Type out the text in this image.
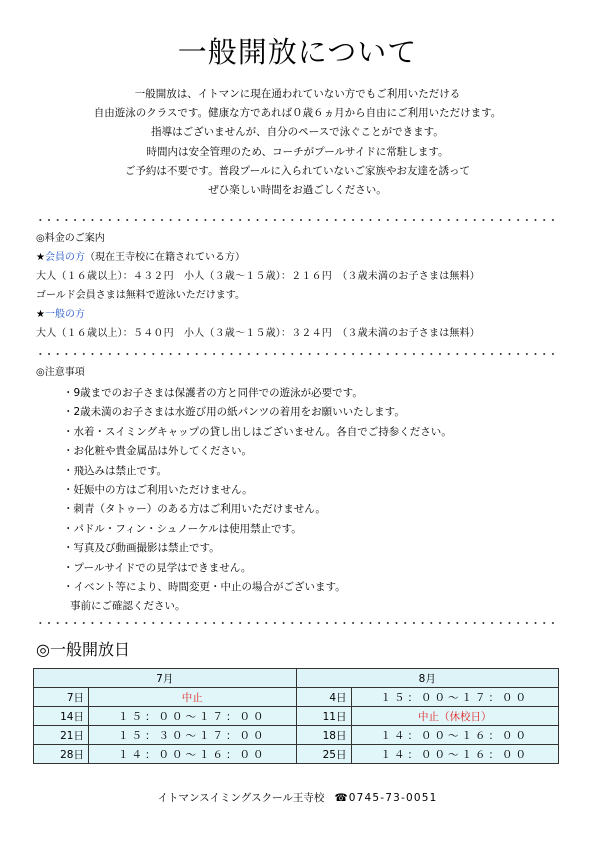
一般開放について
一般開放は、イトマンに現在通われていない方でもご利用いただける
自由遊泳のクラスです。健康な方であれば０歳６ヵ月から自由にご利用いただけます。
指導はございませんが、自分のペースで泳ぐことができます。
時間内は安全管理のため、コーチがプールサイドに常駐します。
ご予約は不要です。普段プールに入られていないご家族やお友達を誘って
ぜひ楽しい時間をお過ごしください。
◎料金のご案内
★会員の方（現在王寺校に在籍されている方）
大人（１６歳以上）：４３２円　小人（３歳～１５歳）：２１６円　（３歳未満のお子さまは無料）
ゴールド会員さまは無料で遊泳いただけます。
★一般の方
大人（１６歳以上）：５４０円　小人（３歳～１５歳）：３２４円　（３歳未満のお子さまは無料）
◎注意事項
・9歳までのお子さまは保護者の方と同伴での遊泳が必要です。
・2歳未満のお子さまは水遊び用の紙パンツの着用をお願いいたします。
・水着・スイミングキャップの貸し出しはございません。各自でご持参ください。
・お化粧や貴金属品は外してください。
・飛込みは禁止です。
・妊娠中の方はご利用いただけません。
・刺青（タトゥー）のある方はご利用いただけません。
・パドル・フィン・シュノーケルは使用禁止です。
・写真及び動画撮影は禁止です。
・プールサイドでの見学はできません。
・イベント等により、時間変更・中止の場合がございます。
事前にご確認ください。
◎一般開放日
7月		8月	
7日	中止	4日	１５：００～１７：００
14日	１５：００～１７：００	11日	中止（休校日）
21日	１５：３０～１７：００	18日	１４：００～１６：００
28日	１４：００～１６：００	25日	１４：００～１６：００
イトマンスイミングスクール王寺校 ☎0745-73-0051
